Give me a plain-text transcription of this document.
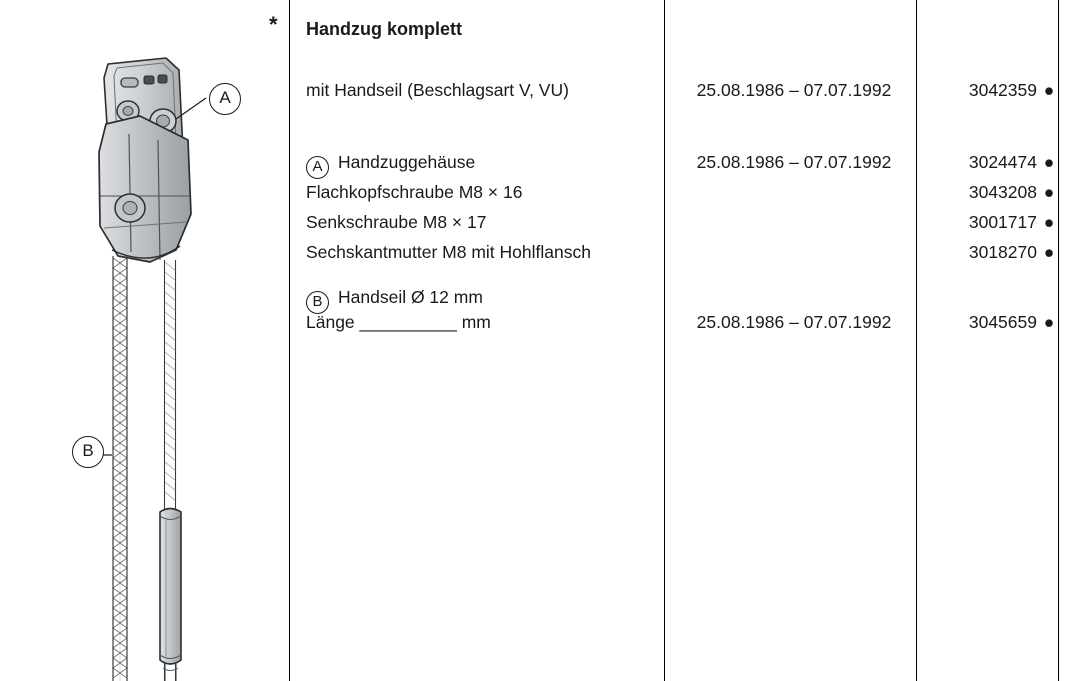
A
B
* Handzug komplett
mit Handseil (Beschlagsart V, VU)	25.08.1986 – 07.07.1992	3042359 ●
A Handzuggehäuse	25.08.1986 – 07.07.1992	3024474 ●
Flachkopfschraube M8 × 16	3043208 ●
Senkschraube M8 × 17	3001717 ●
Sechskantmutter M8 mit Hohlflansch	3018270 ●
B Handseil Ø 12 mm
Länge __________ mm	25.08.1986 – 07.07.1992	3045659 ●
